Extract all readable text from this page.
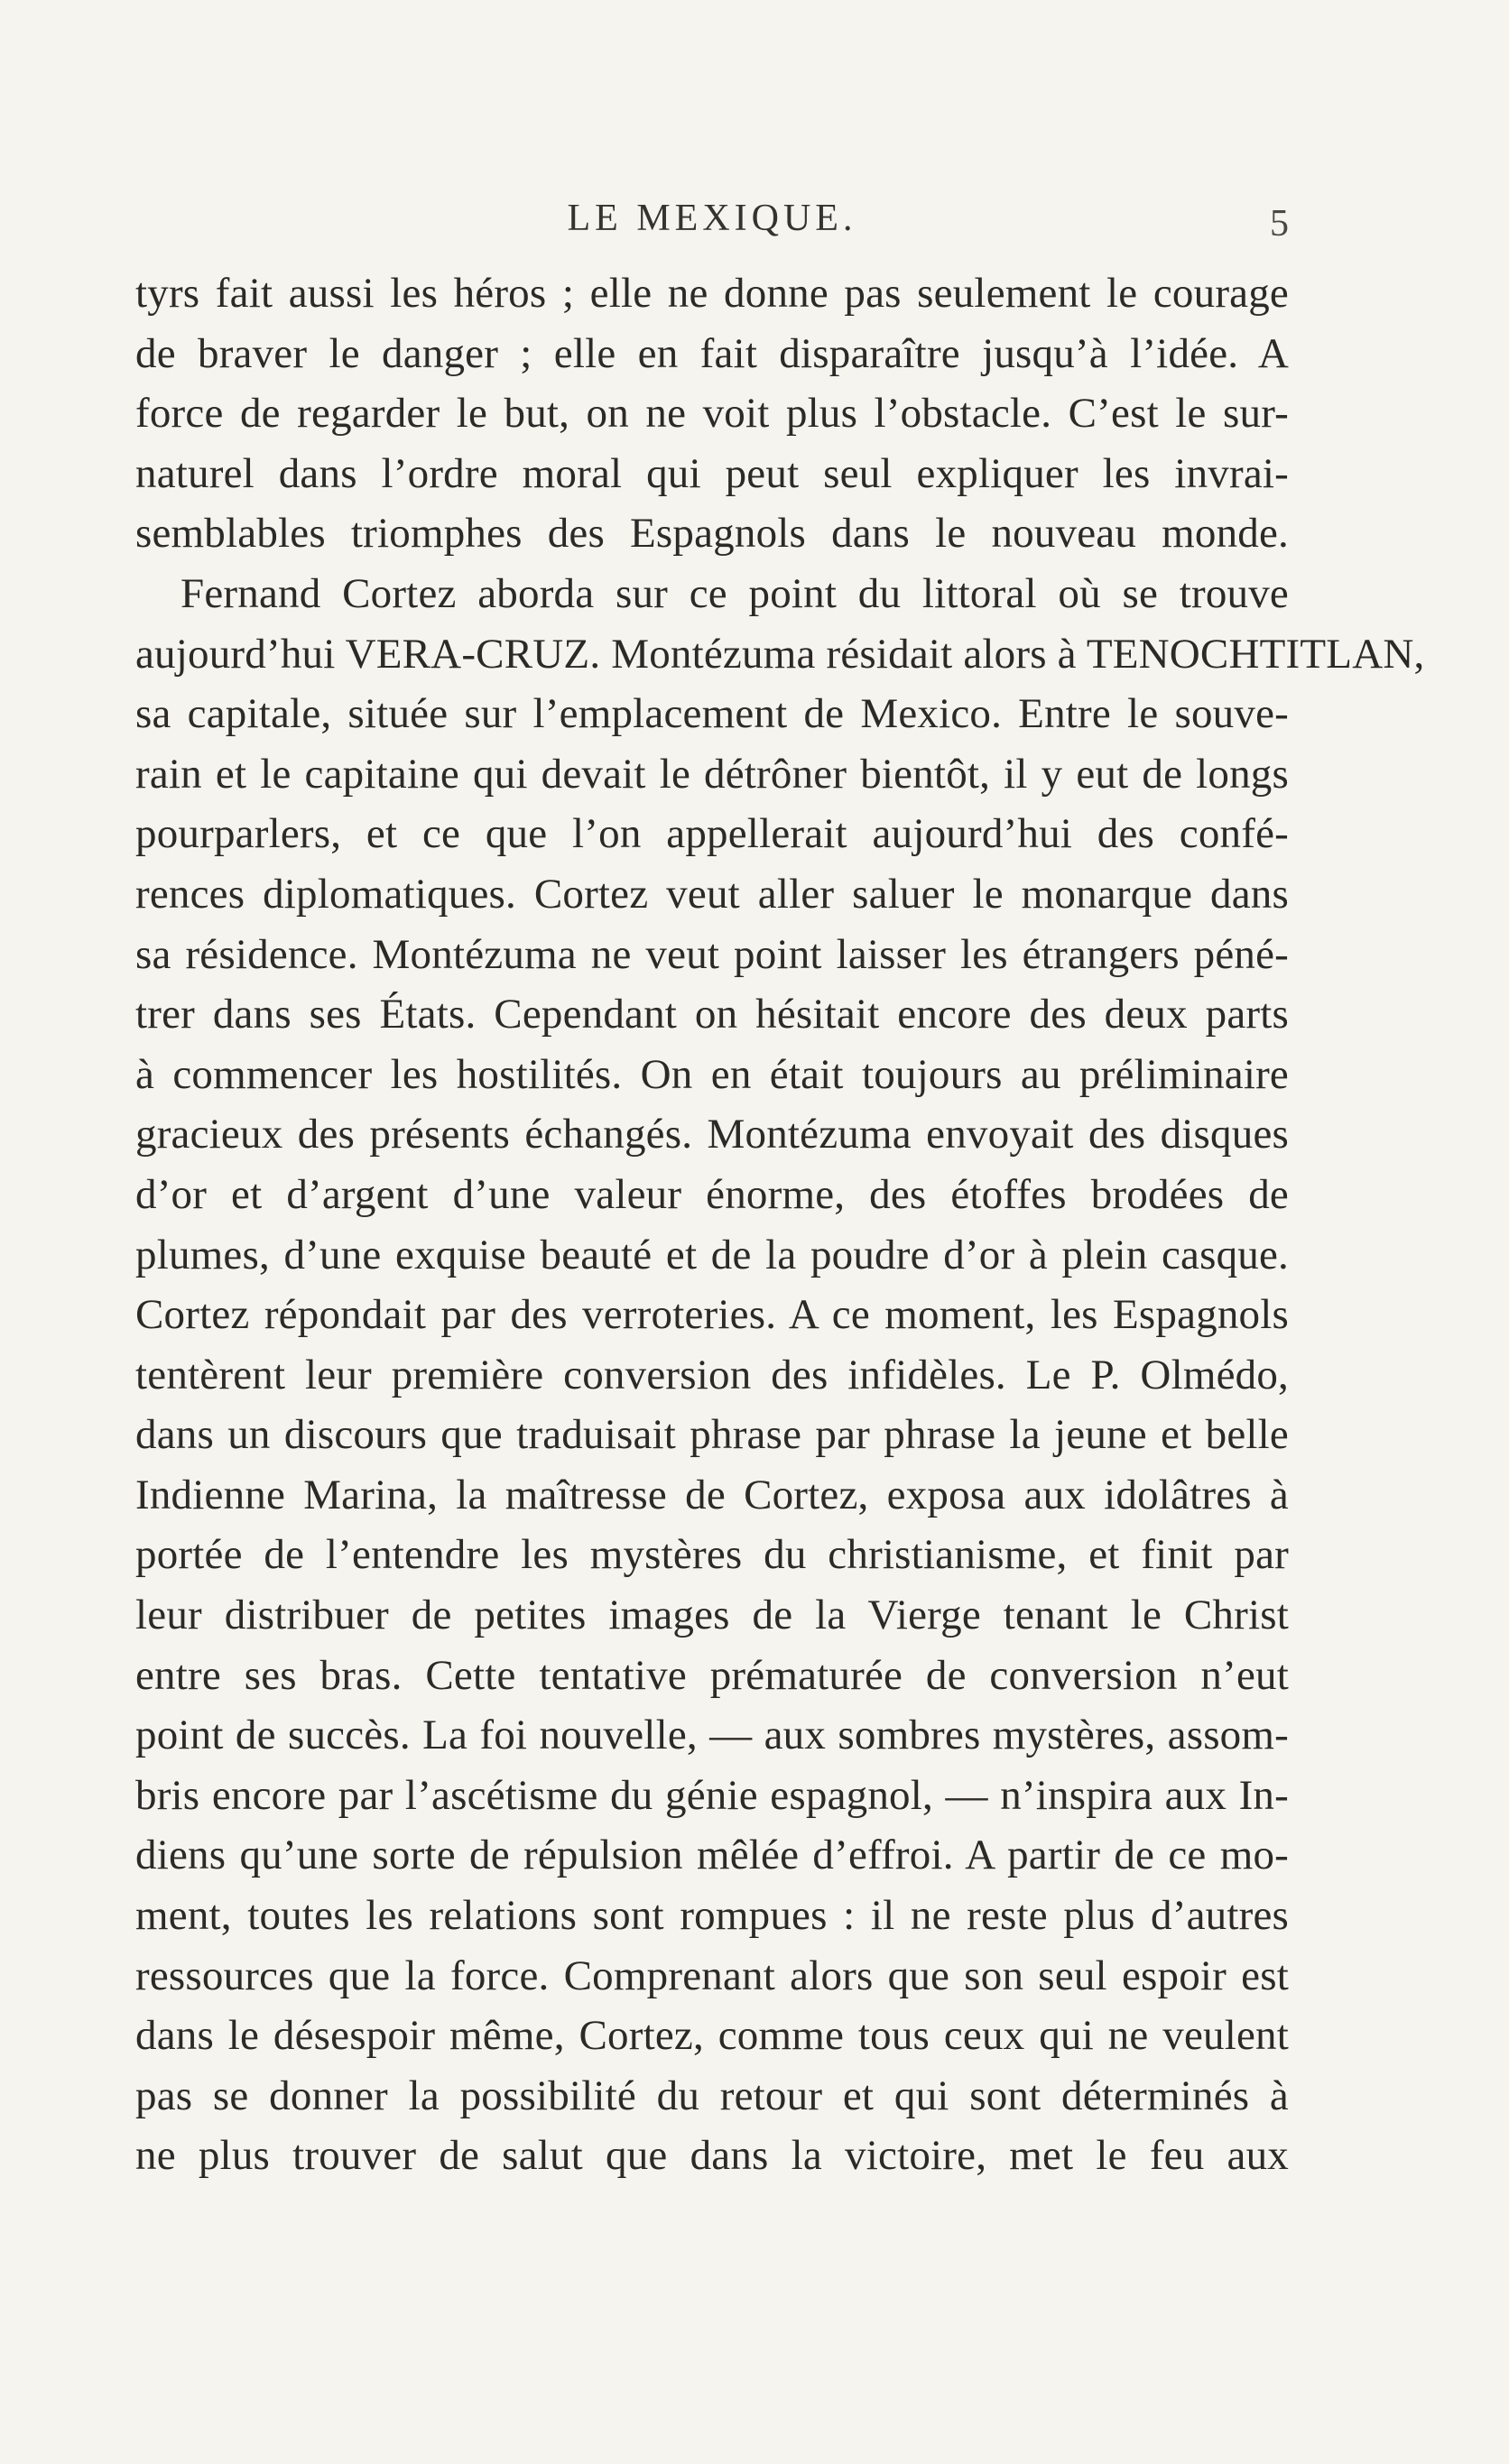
LE MEXIQUE.	5
tyrs fait aussi les héros ; elle ne donne pas seulement le courage
de braver le danger ; elle en fait disparaître jusqu’à l’idée. A
force de regarder le but, on ne voit plus l’obstacle. C’est le sur-
naturel dans l’ordre moral qui peut seul expliquer les invrai-
semblables triomphes des Espagnols dans le nouveau monde.
Fernand Cortez aborda sur ce point du littoral où se trouve
aujourd’hui VERA-CRUZ. Montézuma résidait alors à TENOCHTITLAN,
sa capitale, située sur l’emplacement de Mexico. Entre le souve-
rain et le capitaine qui devait le détrôner bientôt, il y eut de longs
pourparlers, et ce que l’on appellerait aujourd’hui des confé-
rences diplomatiques. Cortez veut aller saluer le monarque dans
sa résidence. Montézuma ne veut point laisser les étrangers péné-
trer dans ses États. Cependant on hésitait encore des deux parts
à commencer les hostilités. On en était toujours au préliminaire
gracieux des présents échangés. Montézuma envoyait des disques
d’or et d’argent d’une valeur énorme, des étoffes brodées de
plumes, d’une exquise beauté et de la poudre d’or à plein casque.
Cortez répondait par des verroteries. A ce moment, les Espagnols
tentèrent leur première conversion des infidèles. Le P. Olmédo,
dans un discours que traduisait phrase par phrase la jeune et belle
Indienne Marina, la maîtresse de Cortez, exposa aux idolâtres à
portée de l’entendre les mystères du christianisme, et finit par
leur distribuer de petites images de la Vierge tenant le Christ
entre ses bras. Cette tentative prématurée de conversion n’eut
point de succès. La foi nouvelle, — aux sombres mystères, assom-
bris encore par l’ascétisme du génie espagnol, — n’inspira aux In-
diens qu’une sorte de répulsion mêlée d’effroi. A partir de ce mo-
ment, toutes les relations sont rompues : il ne reste plus d’autres
ressources que la force. Comprenant alors que son seul espoir est
dans le désespoir même, Cortez, comme tous ceux qui ne veulent
pas se donner la possibilité du retour et qui sont déterminés à
ne plus trouver de salut que dans la victoire, met le feu aux
